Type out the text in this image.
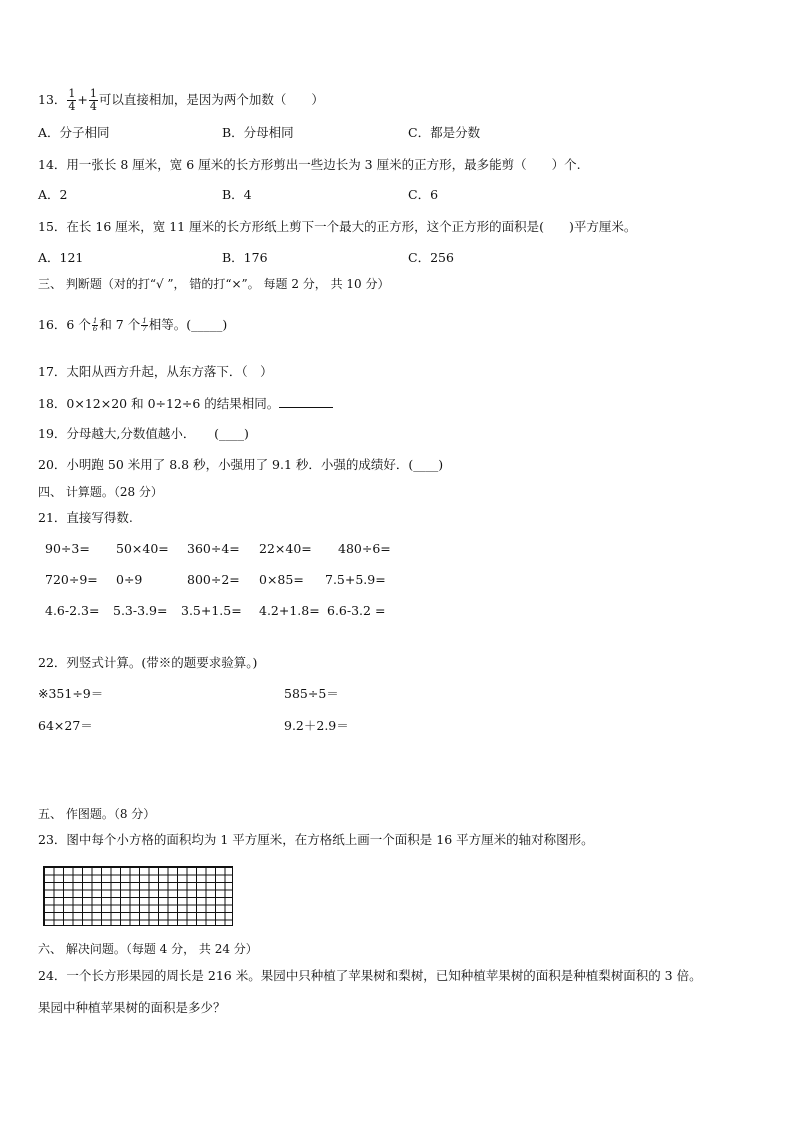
13． $\frac{1}{4} + \frac{1}{4}$ 可以直接相加，是因为两个加数（　　）
A．分子相同	B．分母相同	C．都是分数
14．用一张长 8 厘米，宽 6 厘米的长方形剪出一些边长为 3 厘米的正方形，最多能剪（　　）个.
A．2	B．4	C．6
15．在长 16 厘米，宽 11 厘米的长方形纸上剪下一个最大的正方形，这个正方形的面积是(　　)平方厘米。
A．121	B．176	C．256
三、 判断题（对的打“√ ”， 错的打“×”。 每题 2 分， 共 10 分）
16．6 个 $\frac{1}{6}$ 和 7 个 $\frac{1}{7}$ 相等。(_____)
17．太阳从西方升起，从东方落下．（　）
18．0×12×20 和 0÷12÷6 的结果相同。
19．分母越大,分数值越小．　　(____)
20．小明跑 50 米用了 8.8 秒，小强用了 9.1 秒．小强的成绩好．(____)
四、 计算题。（28 分）
21．直接写得数.
90÷3= 50×40= 360÷4= 22×40= 480÷6=
720÷9= 0÷9	800÷2= 0×85= 7.5+5.9=
4.6-2.3= 5.3-3.9= 3.5+1.5= 4.2+1.8= 6.6-3.2 =
22．列竖式计算。(带※的题要求验算。)
※351÷9＝	585÷5＝
64×27＝	9.2＋2.9＝
五、 作图题。（8 分）
23．图中每个小方格的面积均为 1 平方厘米，在方格纸上画一个面积是 16 平方厘米的轴对称图形。
六、 解决问题。（每题 4 分， 共 24 分）
24．一个长方形果园的周长是 216 米。果园中只种植了苹果树和梨树，已知种植苹果树的面积是种植梨树面积的 3 倍。
果园中种植苹果树的面积是多少？
